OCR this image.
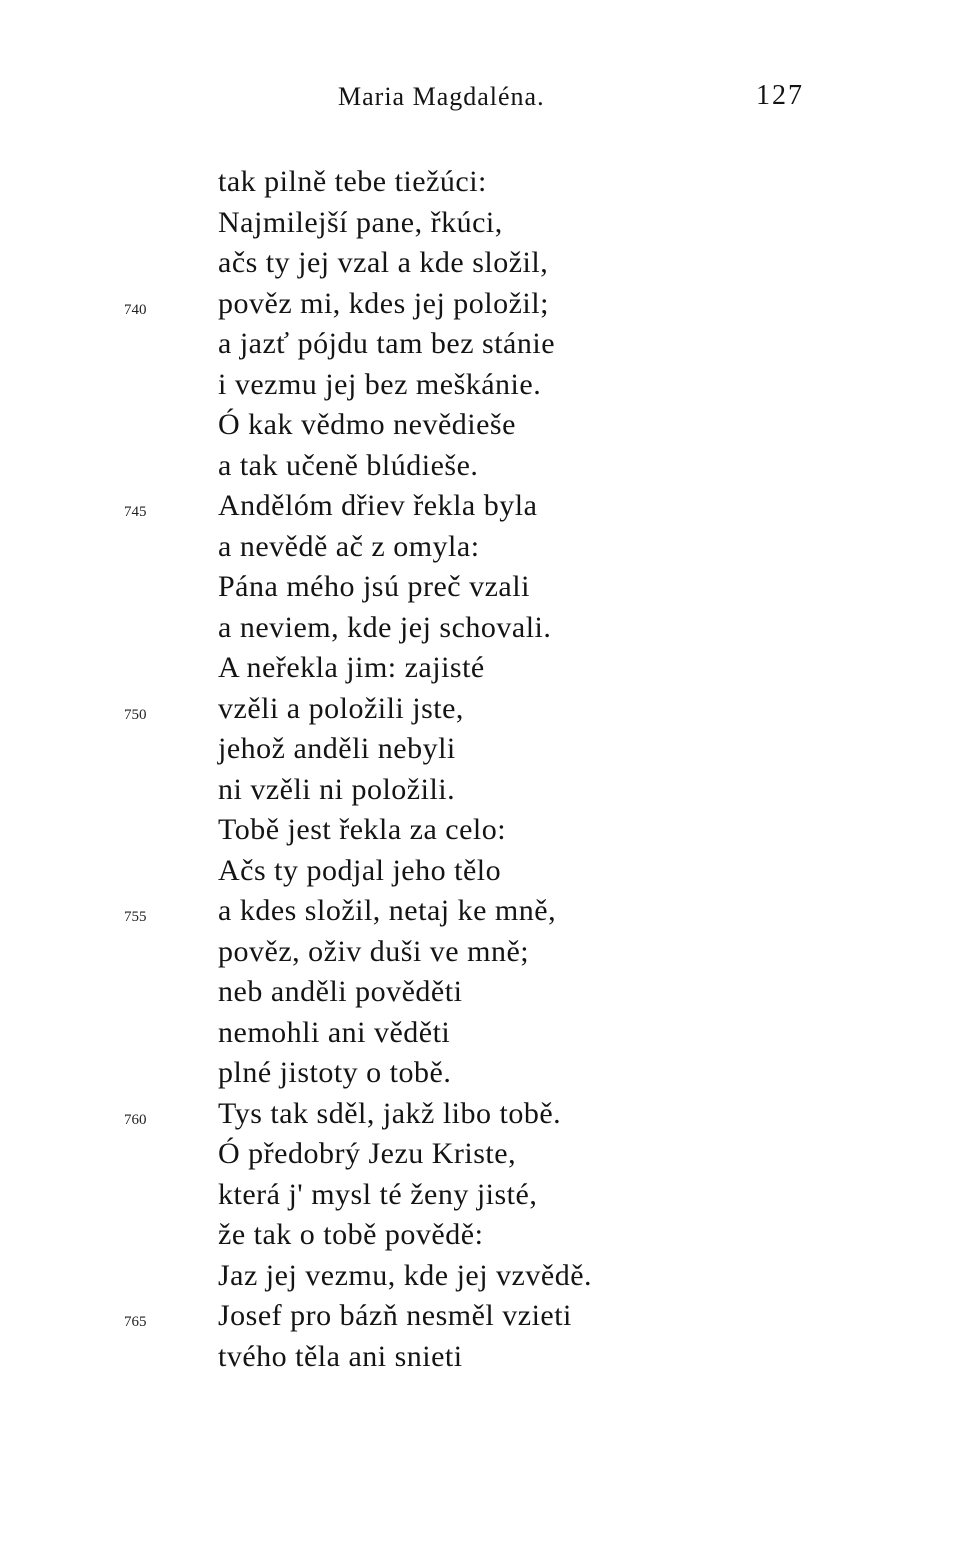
Maria Magdaléna.	127
tak pilně tebe tiežúci:
Najmilejší pane, řkúci,
ačs ty jej vzal a kde složil,
740 pověz mi, kdes jej položil;
a jazť pójdu tam bez stánie
i vezmu jej bez meškánie.
Ó kak vědmo nevědieše
a tak učeně blúdieše.
745 Andělóm dřiev řekla byla
a nevědě ač z omyla:
Pána mého jsú preč vzali
a neviem, kde jej schovali.
A neřekla jim: zajisté
750 vzěli a položili jste,
jehož anděli nebyli
ni vzěli ni položili.
Tobě jest řekla za celo:
Ačs ty podjal jeho tělo
755 a kdes složil, netaj ke mně,
pověz, oživ duši ve mně;
neb anděli pověděti
nemohli ani věděti
plné jistoty o tobě.
760 Tys tak sděl, jakž libo tobě.
Ó předobrý Jezu Kriste,
která j' mysl té ženy jisté,
že tak o tobě povědě:
Jaz jej vezmu, kde jej vzvědě.
765 Josef pro bázň nesměl vzieti
tvého těla ani snieti
